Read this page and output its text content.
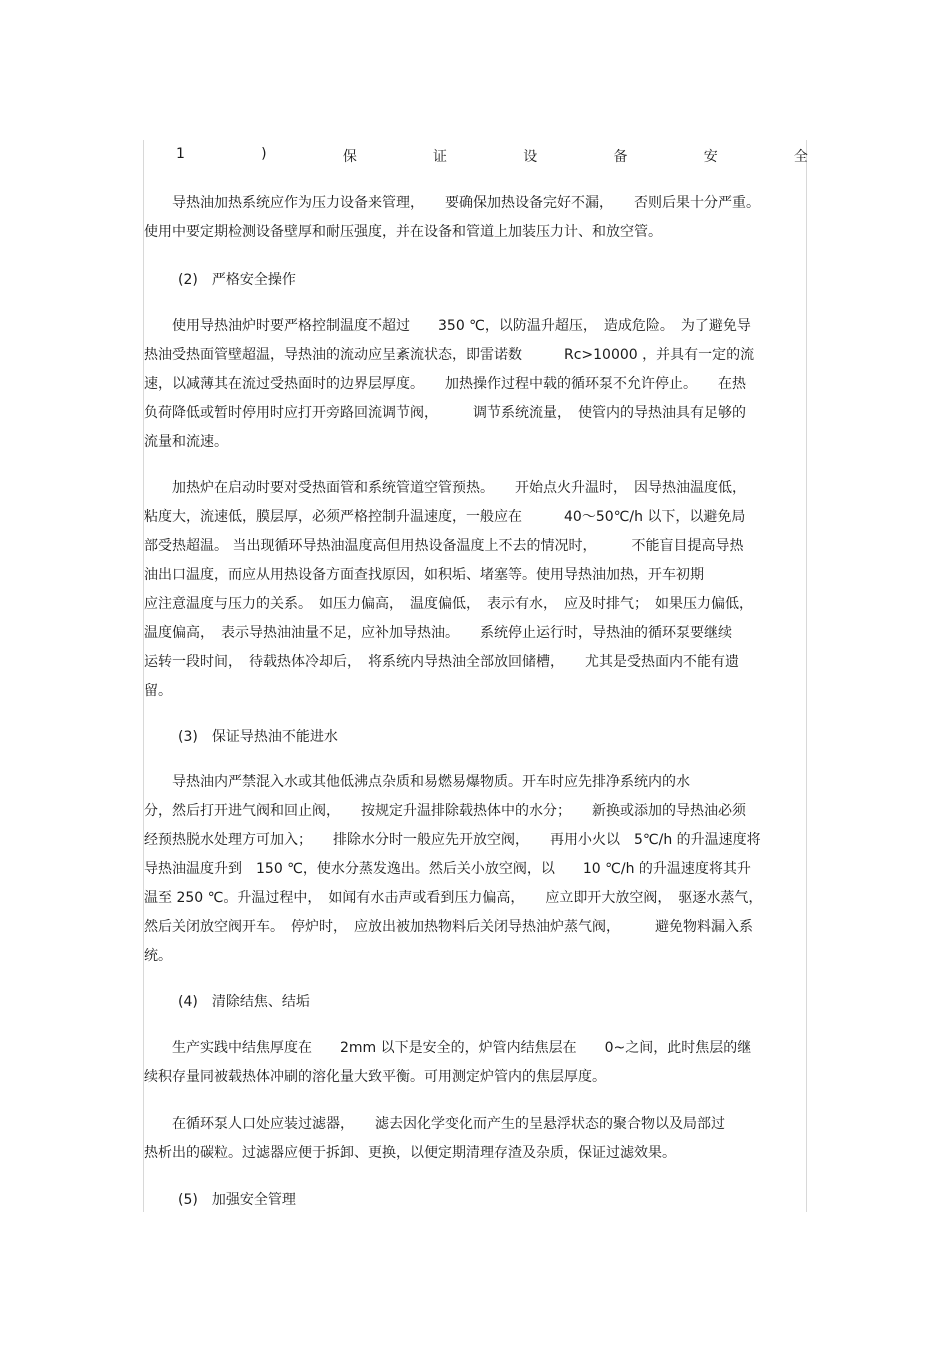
1	)	保	证	设	备	安	全
　　导热油加热系统应作为压力设备来管理，　　要确保加热设备完好不漏，　　否则后果十分严重。
使用中要定期检测设备壁厚和耐压强度，并在设备和管道上加装压力计、和放空管。
(2)　严格安全操作
　　使用导热油炉时要严格控制温度不超过　　350 ℃，以防温升超压，　造成危险。　为了避免导
热油受热面管壁超温，导热油的流动应呈紊流状态，即雷诺数　　　Rc>10000 ，并具有一定的流
速，以减薄其在流过受热面时的边界层厚度。　　加热操作过程中载的循环泵不允许停止。　　在热
负荷降低或暂时停用时应打开旁路回流调节阀，　　　调节系统流量，　使管内的导热油具有足够的
流量和流速。
　　加热炉在启动时要对受热面管和系统管道空管预热。　　开始点火升温时，　因导热油温度低，
粘度大，流速低，膜层厚，必须严格控制升温速度，一般应在　　　40～50℃/h 以下，以避免局
部受热超温。 当出现循环导热油温度高但用热设备温度上不去的情况时，　　　不能盲目提高导热
油出口温度，而应从用热设备方面查找原因，如积垢、堵塞等。使用导热油加热，开车初期
应注意温度与压力的关系。　如压力偏高，　温度偏低，　表示有水，　应及时排气；　如果压力偏低，
温度偏高，　表示导热油油量不足，应补加导热油。　　系统停止运行时，导热油的循环泵要继续
运转一段时间，　待载热体冷却后，　将系统内导热油全部放回储槽，　　尤其是受热面内不能有遗
留。
(3)　保证导热油不能进水
　　导热油内严禁混入水或其他低沸点杂质和易燃易爆物质。开车时应先排净系统内的水
分，然后打开进气阀和回止阀，　　按规定升温排除载热体中的水分；　　新换或添加的导热油必须
经预热脱水处理方可加入；　　排除水分时一般应先开放空阀，　　再用小火以　5℃/h 的升温速度将
导热油温度升到　150 ℃，使水分蒸发逸出。然后关小放空阀，以　　10 ℃/h 的升温速度将其升
温至 250 ℃。升温过程中，　如闻有水击声或看到压力偏高，　　应立即开大放空阀，　驱逐水蒸气，
然后关闭放空阀开车。　停炉时，　应放出被加热物料后关闭导热油炉蒸气阀，　　　避免物料漏入系
统。
(4)　清除结焦、结垢
　　生产实践中结焦厚度在　　2mm 以下是安全的，炉管内结焦层在　　0~之间，此时焦层的继
续积存量同被载热体冲刷的溶化量大致平衡。可用测定炉管内的焦层厚度。
　　在循环泵人口处应装过滤器，　　滤去因化学变化而产生的呈悬浮状态的聚合物以及局部过
热析出的碳粒。过滤器应便于拆卸、更换，以便定期清理存渣及杂质，保证过滤效果。
(5)　加强安全管理
